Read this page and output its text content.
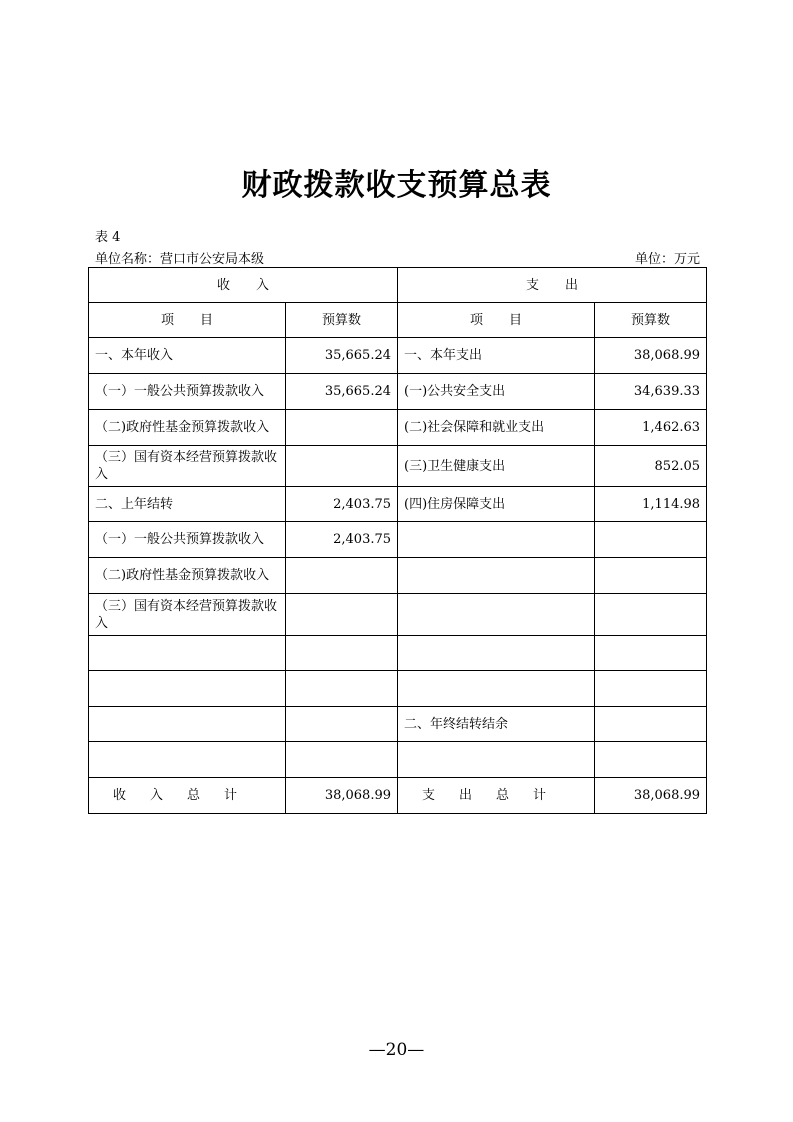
财政拨款收支预算总表
表 4
单位名称：营口市公安局本级	单位：万元
收　　入		支　　出	
项　　目	预算数	项　　目	预算数
一、本年收入	35,665.24	一、本年支出	38,068.99
（一）一般公共预算拨款收入	35,665.24	(一)公共安全支出	34,639.33
（二)政府性基金预算拨款收入		(二)社会保障和就业支出	1,462.63
（三）国有资本经营预算拨款收入		(三)卫生健康支出	852.05
二、上年结转	2,403.75	(四)住房保障支出	1,114.98
（一）一般公共预算拨款收入	2,403.75		
（二)政府性基金预算拨款收入			
（三）国有资本经营预算拨款收入			

		二、年终结转结余	

收入总计	38,068.99	支出总计	38,068.99
—20—
